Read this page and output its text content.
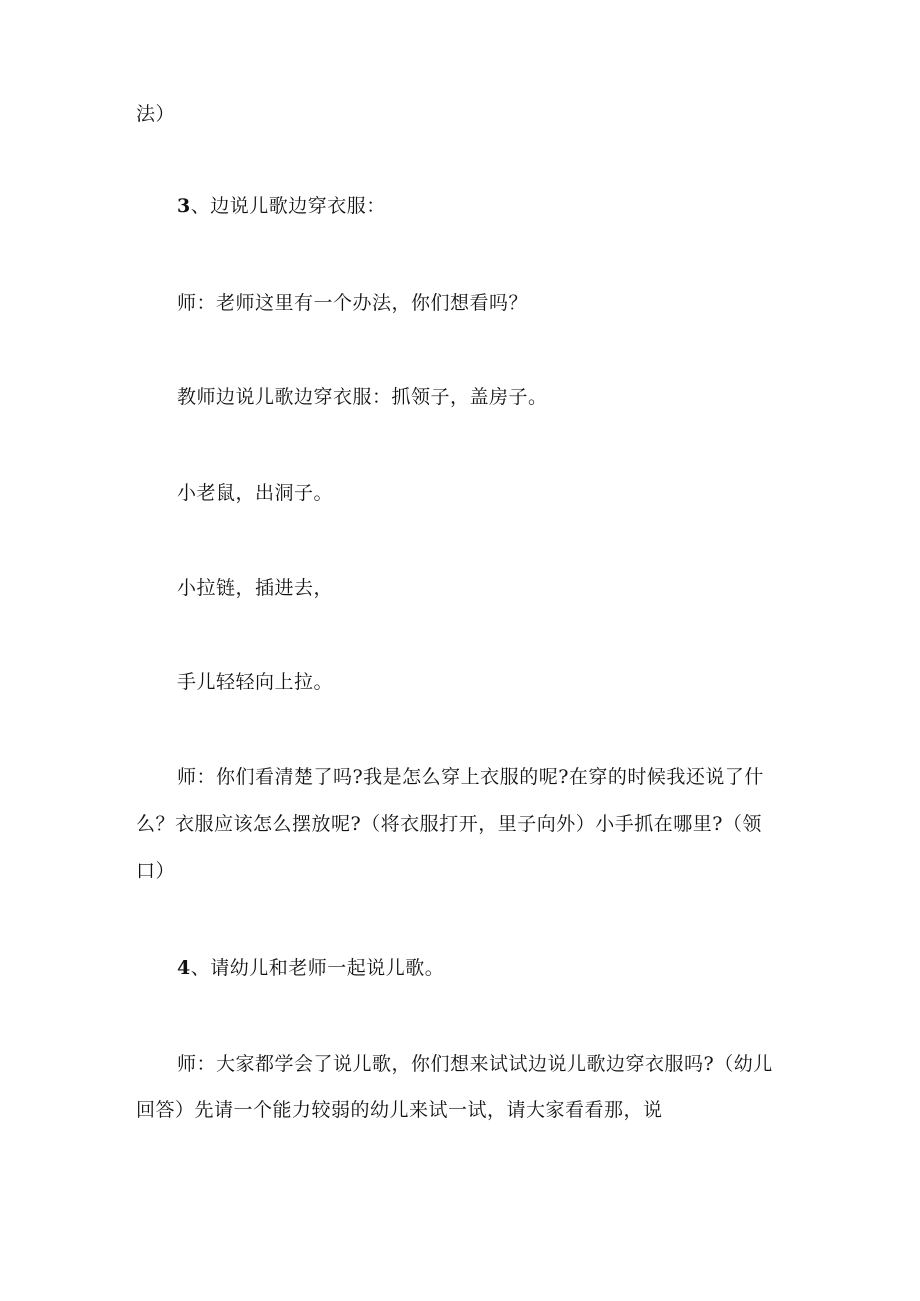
法）
3、边说儿歌边穿衣服：
师：老师这里有一个办法，你们想看吗？
教师边说儿歌边穿衣服：抓领子，盖房子。
小老鼠，出洞子。
小拉链，插进去，
手儿轻轻向上拉。
师：你们看清楚了吗?我是怎么穿上衣服的呢?在穿的时候我还说了什
么？衣服应该怎么摆放呢?（将衣服打开，里子向外）小手抓在哪里?（领
口）
4、请幼儿和老师一起说儿歌。
师：大家都学会了说儿歌，你们想来试试边说儿歌边穿衣服吗?（幼儿
回答）先请一个能力较弱的幼儿来试一试，请大家看看那，说
